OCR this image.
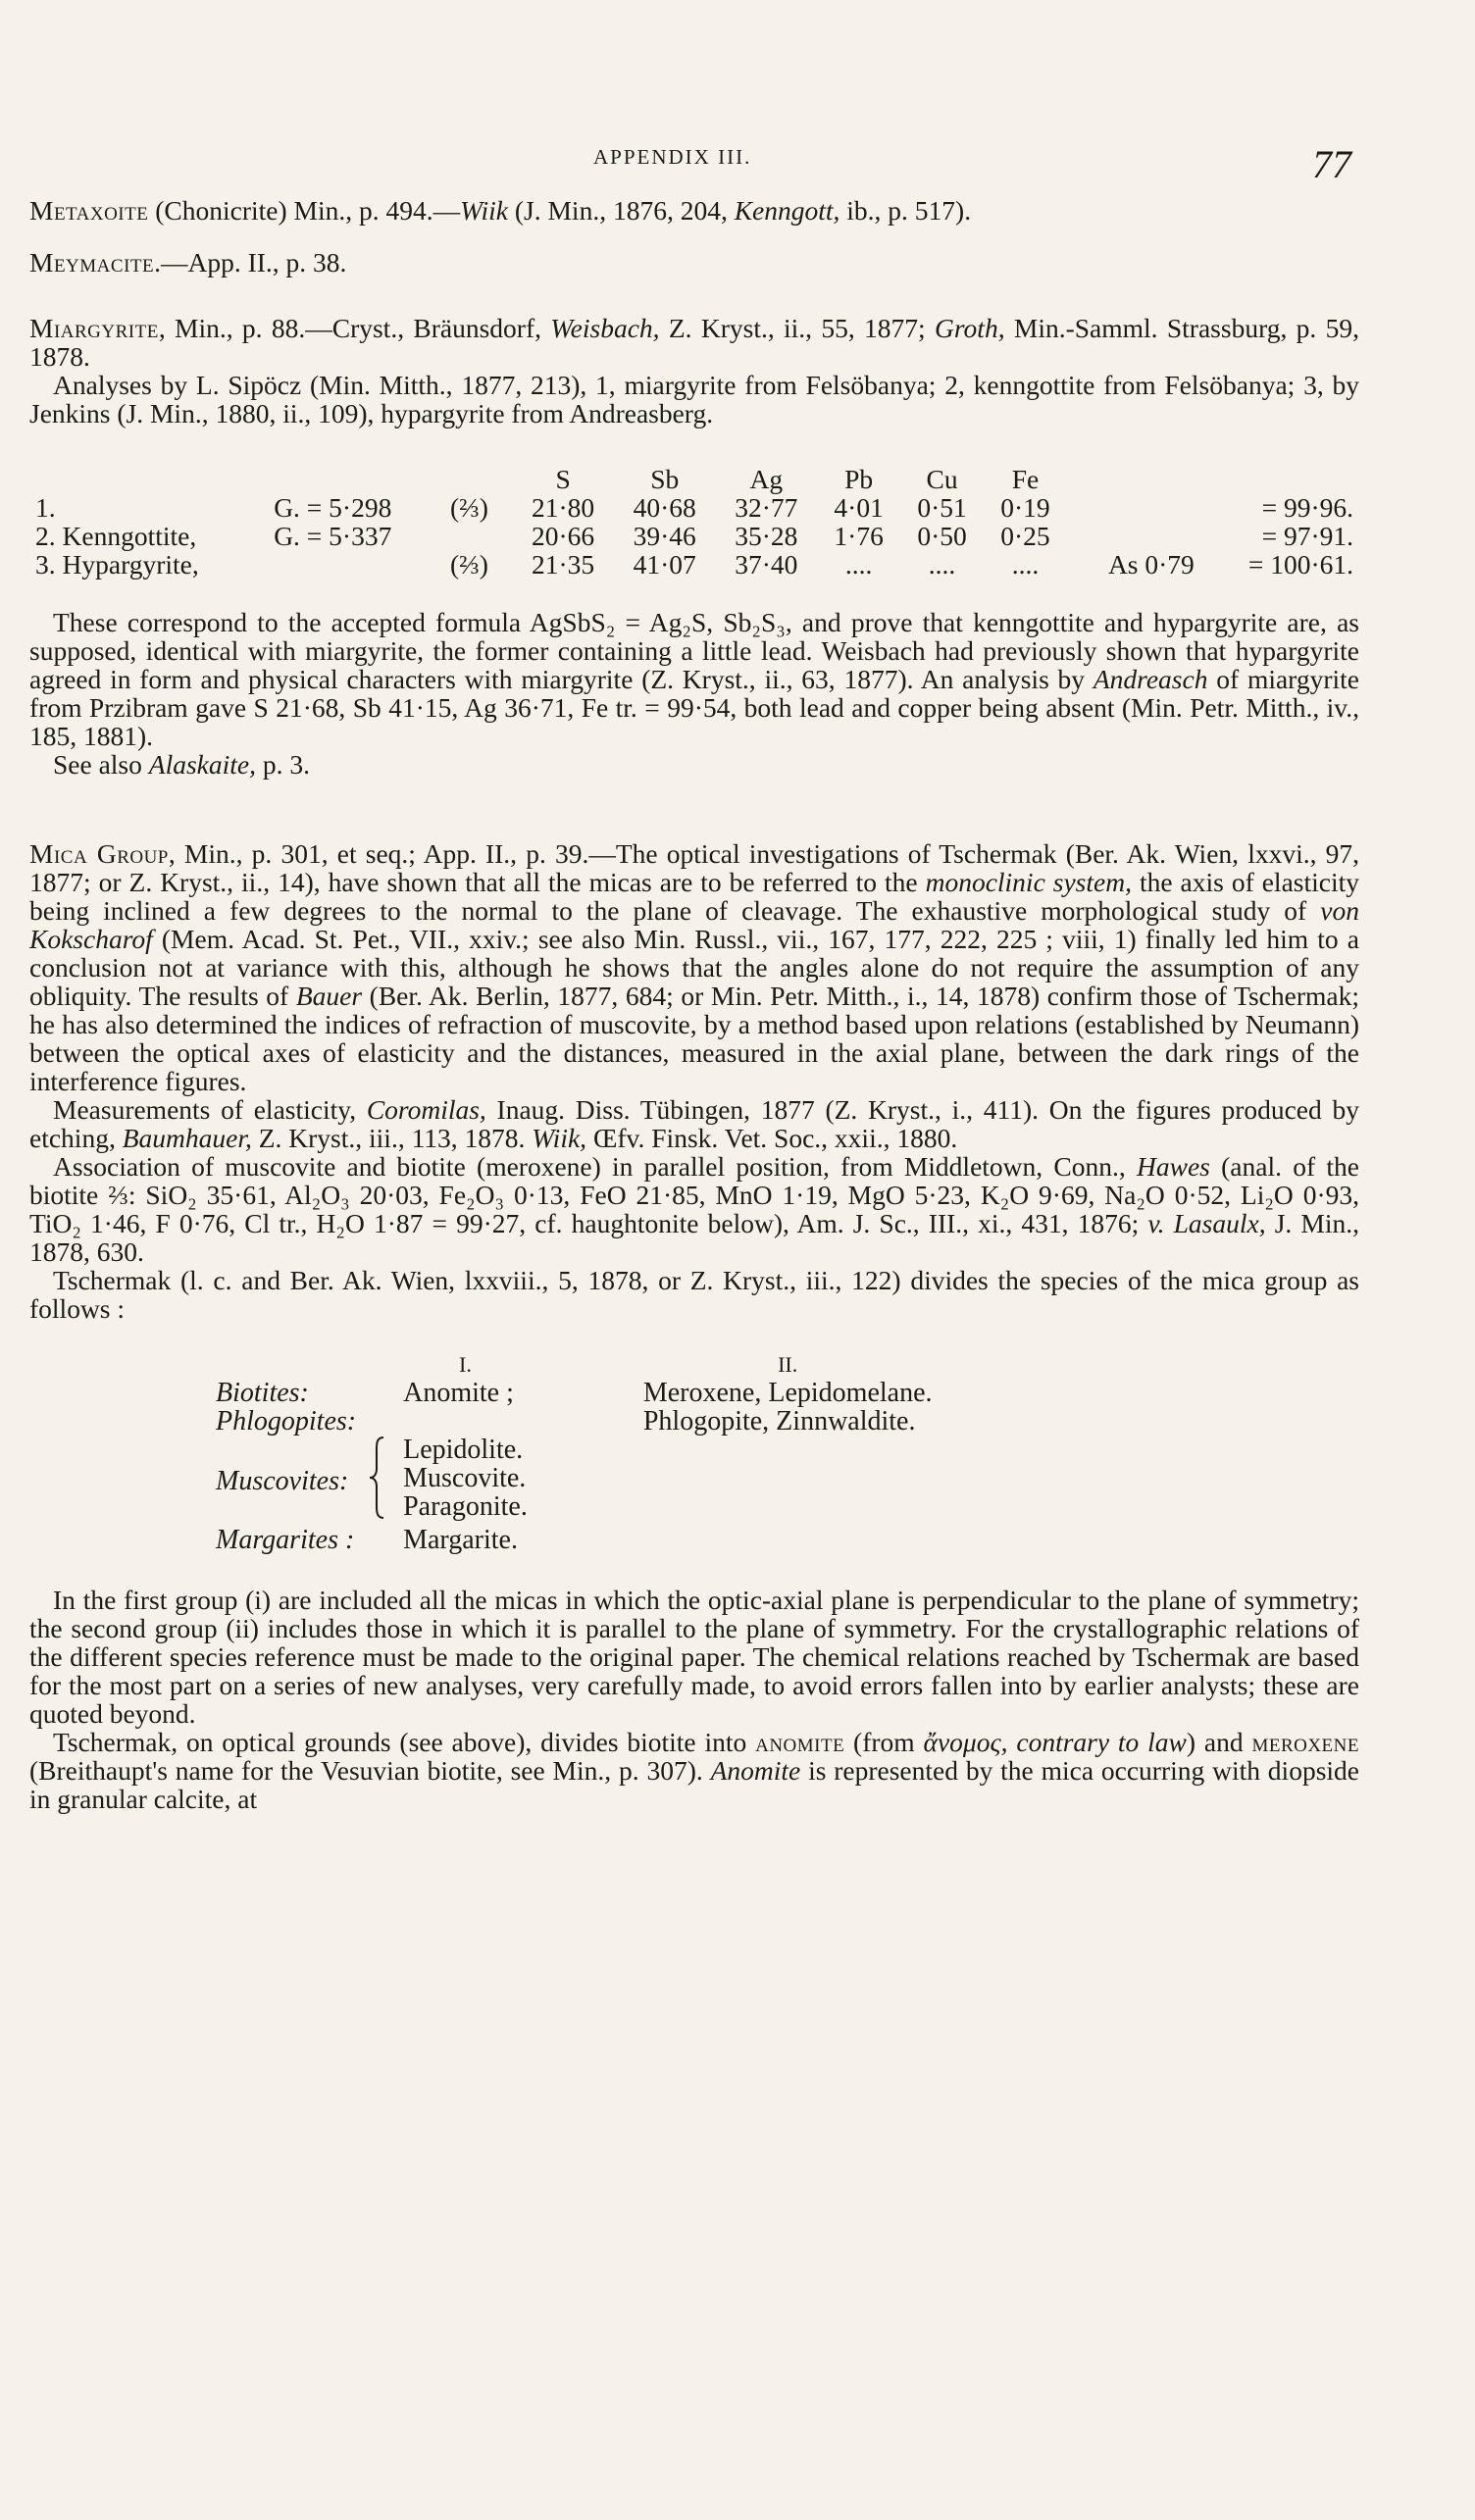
APPENDIX III.	77

Metaxoite (Chonicrite) Min., p. 494.—Wiik (J. Min., 1876, 204, Kenngott, ib., p. 517).

Meymacite.—App. II., p. 38.

Miargyrite, Min., p. 88.—Cryst., Bräunsdorf, Weisbach, Z. Kryst., ii., 55, 1877; Groth, Min.-Samml. Strassburg, p. 59, 1878.

Analyses by L. Sipöcz (Min. Mitth., 1877, 213), 1, miargyrite from Felsöbanya; 2, kenngottite from Felsöbanya; 3, by Jenkins (J. Min., 1880, ii., 109), hypargyrite from Andreasberg.

			S	Sb	Ag	Pb	Cu	Fe		
1.	G. = 5·298	(⅔)	21·80	40·68	32·77	4·01	0·51	0·19		= 99·96.
2. Kenngottite,	G. = 5·337		20·66	39·46	35·28	1·76	0·50	0·25		= 97·91.
3. Hypargyrite,		(⅔)	21·35	41·07	37·40	....	....	....	As 0·79	= 100·61.

These correspond to the accepted formula AgSbS₂ = Ag₂S, Sb₂S₃, and prove that kenngottite and hypargyrite are, as supposed, identical with miargyrite, the former containing a little lead. Weisbach had previously shown that hypargyrite agreed in form and physical characters with miargyrite (Z. Kryst., ii., 63, 1877). An analysis by Andreasch of miargyrite from Przibram gave S 21·68, Sb 41·15, Ag 36·71, Fe tr. = 99·54, both lead and copper being absent (Min. Petr. Mitth., iv., 185, 1881).

See also Alaskaite, p. 3.

Mica Group, Min., p. 301, et seq.; App. II., p. 39.—The optical investigations of Tschermak (Ber. Ak. Wien, lxxvi., 97, 1877; or Z. Kryst., ii., 14), have shown that all the micas are to be referred to the monoclinic system, the axis of elasticity being inclined a few degrees to the normal to the plane of cleavage. The exhaustive morphological study of von Kokscharof (Mem. Acad. St. Pet., VII., xxiv.; see also Min. Russl., vii., 167, 177, 222, 225 ; viii, 1) finally led him to a conclusion not at variance with this, although he shows that the angles alone do not require the assumption of any obliquity. The results of Bauer (Ber. Ak. Berlin, 1877, 684; or Min. Petr. Mitth., i., 14, 1878) confirm those of Tschermak; he has also determined the indices of refraction of muscovite, by a method based upon relations (established by Neumann) between the optical axes of elasticity and the distances, measured in the axial plane, between the dark rings of the interference figures.

Measurements of elasticity, Coromilas, Inaug. Diss. Tübingen, 1877 (Z. Kryst., i., 411). On the figures produced by etching, Baumhauer, Z. Kryst., iii., 113, 1878. Wiik, Œfv. Finsk. Vet. Soc., xxii., 1880.

Association of muscovite and biotite (meroxene) in parallel position, from Middletown, Conn., Hawes (anal. of the biotite ⅔: SiO₂ 35·61, Al₂O₃ 20·03, Fe₂O₃ 0·13, FeO 21·85, MnO 1·19, MgO 5·23, K₂O 9·69, Na₂O 0·52, Li₂O 0·93, TiO₂ 1·46, F 0·76, Cl tr., H₂O 1·87 = 99·27, cf. haughtonite below), Am. J. Sc., III., xi., 431, 1876; v. Lasaulx, J. Min., 1878, 630.

Tschermak (l. c. and Ber. Ak. Wien, lxxviii., 5, 1878, or Z. Kryst., iii., 122) divides the species of the mica group as follows :

		I.		II.
Biotites:		Anomite ;		Meroxene, Lepidomelane.
Phlogopites:				Phlogopite, Zinnwaldite.
Muscovites:		Lepidolite.
Muscovite.
Paragonite.		

Margarites :		Margarite.		

In the first group (i) are included all the micas in which the optic-axial plane is perpendicular to the plane of symmetry; the second group (ii) includes those in which it is parallel to the plane of symmetry. For the crystallographic relations of the different species reference must be made to the original paper. The chemical relations reached by Tschermak are based for the most part on a series of new analyses, very carefully made, to avoid errors fallen into by earlier analysts; these are quoted beyond.

Tschermak, on optical grounds (see above), divides biotite into anomite (from ἄνομος, contrary to law) and meroxene (Breithaupt's name for the Vesuvian biotite, see Min., p. 307). Anomite is represented by the mica occurring with diopside in granular calcite, at
